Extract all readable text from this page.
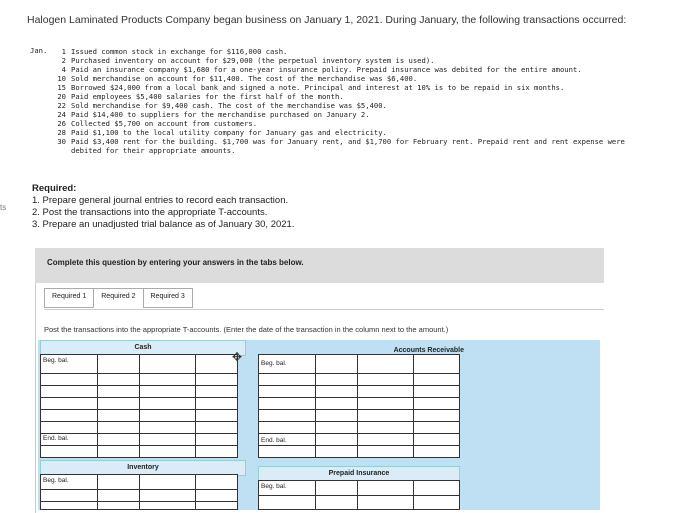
Halogen Laminated Products Company began business on January 1, 2021. During January, the following transactions occurred:
Jan.	1 Issued common stock in exchange for $116,000 cash.
2 Purchased inventory on account for $29,000 (the perpetual inventory system is used).
4 Paid an insurance company $1,680 for a one-year insurance policy. Prepaid insurance was debited for the entire amount.
10 Sold merchandise on account for $11,400. The cost of the merchandise was $6,400.
15 Borrowed $24,000 from a local bank and signed a note. Principal and interest at 10% is to be repaid in six months.
20 Paid employees $5,400 salaries for the first half of the month.
22 Sold merchandise for $9,400 cash. The cost of the merchandise was $5,400.
24 Paid $14,400 to suppliers for the merchandise purchased on January 2.
26 Collected $5,700 on account from customers.
28 Paid $1,100 to the local utility company for January gas and electricity.
30 Paid $3,400 rent for the building. $1,700 was for January rent, and $1,700 for February rent. Prepaid rent and rent expense were debited for their appropriate amounts.
ts
Required:
1. Prepare general journal entries to record each transaction.
2. Post the transactions into the appropriate T-accounts.
3. Prepare an unadjusted trial balance as of January 30, 2021.
Complete this question by entering your answers in the tabs below.
Required 1	Required 2	Required 3
Post the transactions into the appropriate T-accounts. (Enter the date of the transaction in the column next to the amount.)
Cash	Accounts Receivable
Beg. bal.
End. bal.
Beg. bal.
End. bal.
Inventory
Prepaid Insurance
Beg. bal.
Beg. bal.
✥
